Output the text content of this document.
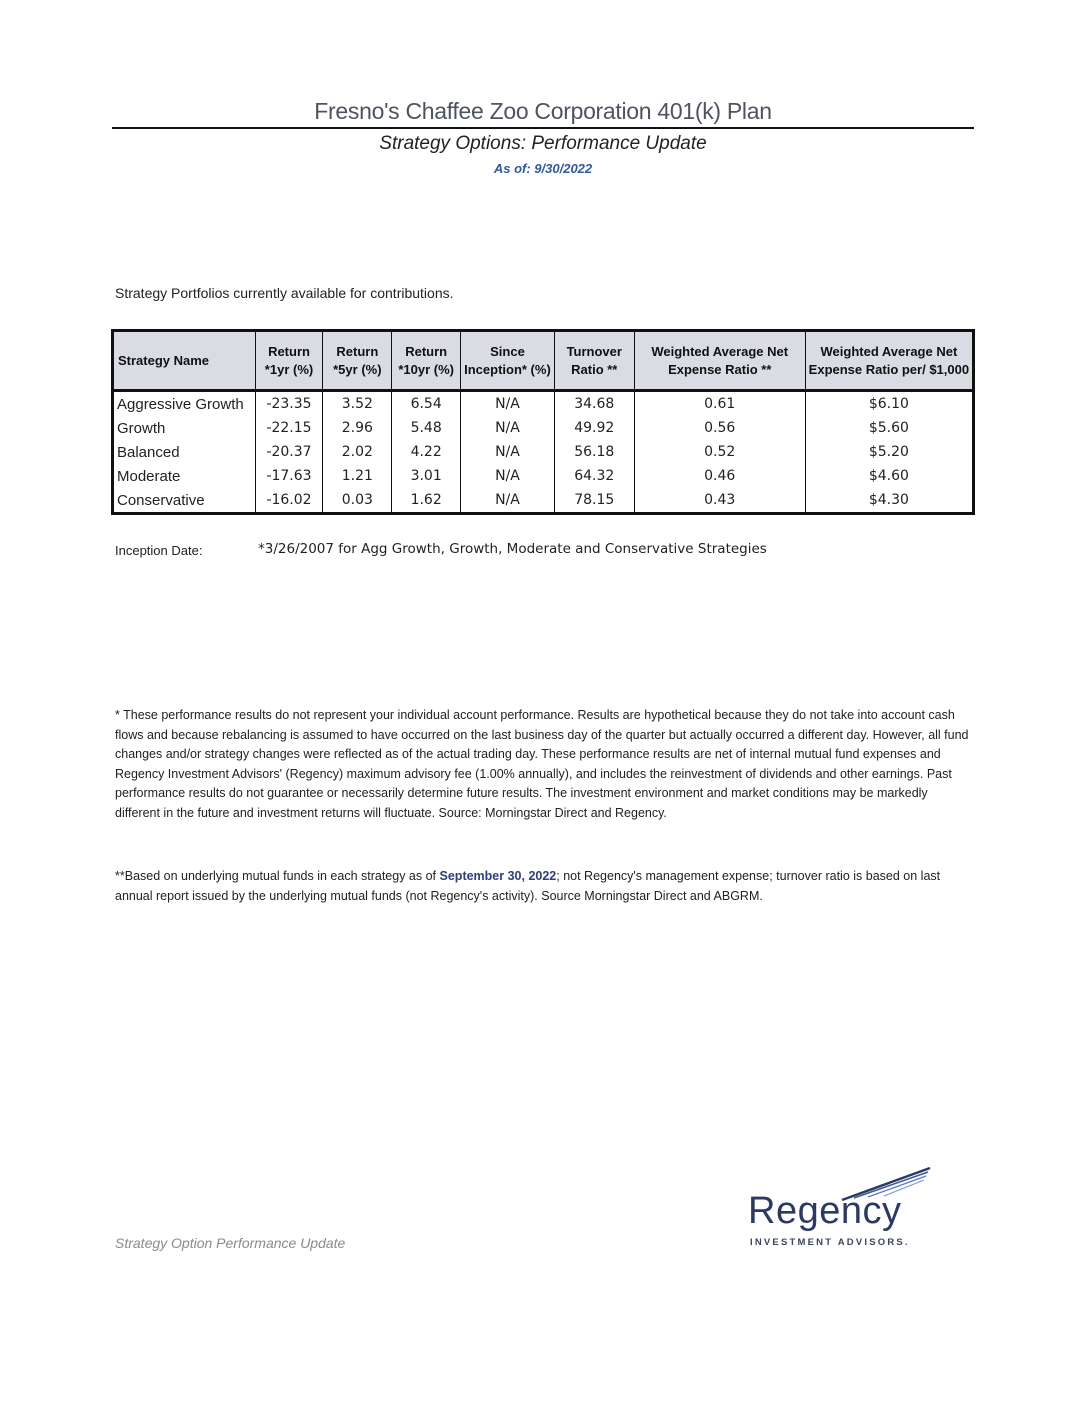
Fresno's Chaffee Zoo Corporation 401(k) Plan
Strategy Options: Performance Update
As of: 9/30/2022
Strategy Portfolios currently available for contributions.
Strategy Name	Return *1yr (%)	Return *5yr (%)	Return *10yr (%)	Since Inception* (%)	Turnover Ratio **	Weighted Average Net Expense Ratio **	Weighted Average Net Expense Ratio per/ $1,000
Aggressive Growth	-23.35	3.52	6.54	N/A	34.68	0.61	$6.10
Growth	-22.15	2.96	5.48	N/A	49.92	0.56	$5.60
Balanced	-20.37	2.02	4.22	N/A	56.18	0.52	$5.20
Moderate	-17.63	1.21	3.01	N/A	64.32	0.46	$4.60
Conservative	-16.02	0.03	1.62	N/A	78.15	0.43	$4.30
Inception Date:	*3/26/2007 for Agg Growth, Growth, Moderate and Conservative Strategies
* These performance results do not represent your individual account performance. Results are hypothetical because they do not take into account cash flows and because rebalancing is assumed to have occurred on the last business day of the quarter but actually occurred a different day. However, all fund changes and/or strategy changes were reflected as of the actual trading day. These performance results are net of internal mutual fund expenses and Regency Investment Advisors' (Regency) maximum advisory fee (1.00% annually), and includes the reinvestment of dividends and other earnings. Past performance results do not guarantee or necessarily determine future results. The investment environment and market conditions may be markedly different in the future and investment returns will fluctuate. Source: Morningstar Direct and Regency.
**Based on underlying mutual funds in each strategy as of September 30, 2022; not Regency's management expense; turnover ratio is based on last annual report issued by the underlying mutual funds (not Regency's activity). Source Morningstar Direct and ABGRM.
Strategy Option Performance Update
Regency
INVESTMENT ADVISORS.
